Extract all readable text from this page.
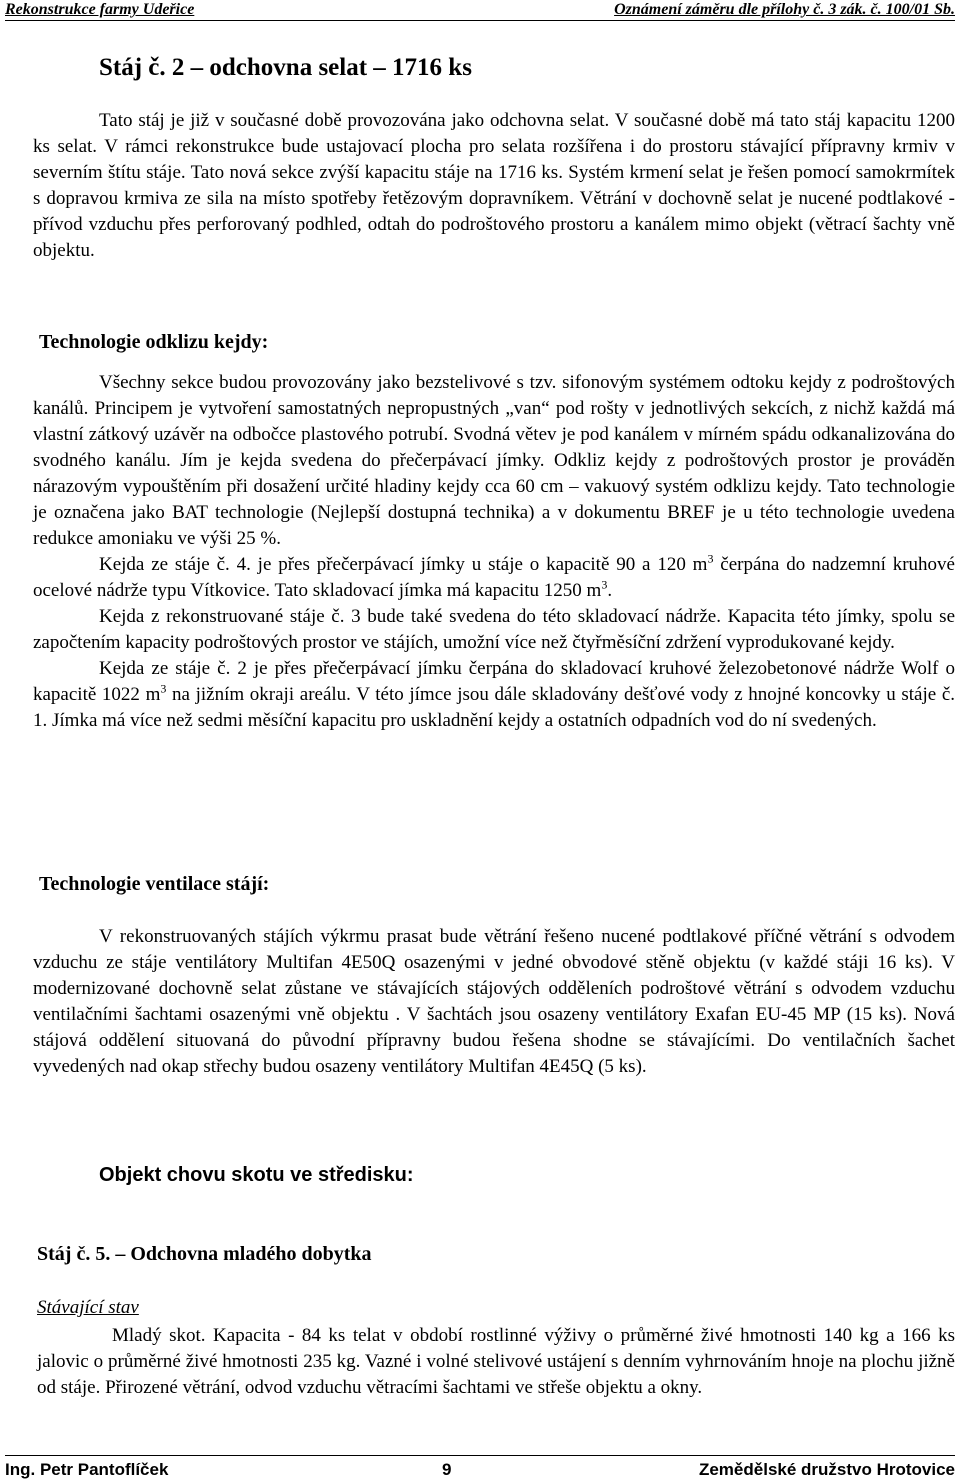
Rekonstrukce farmy Udeřice	Oznámení záměru dle přílohy č. 3 zák. č. 100/01 Sb.
Stáj č. 2 – odchovna selat – 1716 ks

Tato stáj je již v současné době provozována jako odchovna selat. V současné době má tato stáj kapacitu 1200 ks selat. V rámci rekonstrukce bude ustajovací plocha pro selata rozšířena i do prostoru stávající přípravny krmiv v severním štítu stáje. Tato nová sekce zvýší kapacitu stáje na 1716 ks. Systém krmení selat je řešen pomocí samokrmítek s dopravou krmiva ze sila na místo spotřeby řetězovým dopravníkem. Větrání v dochovně selat je nucené podtlakové - přívod vzduchu přes perforovaný podhled, odtah do podroštového prostoru a kanálem mimo objekt (větrací šachty vně objektu.

Technologie odklizu kejdy:

Všechny sekce budou provozovány jako bezstelivové s tzv. sifonovým systémem odtoku kejdy z podroštových kanálů. Principem je vytvoření samostatných nepropustných „van“ pod rošty v jednotlivých sekcích, z nichž každá má vlastní zátkový uzávěr na odbočce plastového potrubí. Svodná větev je pod kanálem v mírném spádu odkanalizována do svodného kanálu. Jím je kejda svedena do přečerpávací jímky. Odkliz kejdy z podroštových prostor je prováděn nárazovým vypouštěním při dosažení určité hladiny kejdy cca 60 cm – vakuový systém odklizu kejdy. Tato technologie je označena jako BAT technologie (Nejlepší dostupná technika) a v dokumentu BREF je u této technologie uvedena redukce amoniaku ve výši 25 %.

Kejda ze stáje č. 4. je přes přečerpávací jímky u stáje o kapacitě 90 a 120 $m^3$ čerpána do nadzemní kruhové ocelové nádrže typu Vítkovice. Tato skladovací jímka má kapacitu 1250 $m^3$.

Kejda z rekonstruované stáje č. 3 bude také svedena do této skladovací nádrže. Kapacita této jímky, spolu se započtením kapacity podroštových prostor ve stájích, umožní více než čtyřměsíční zdržení vyprodukované kejdy.

Kejda ze stáje č. 2 je přes přečerpávací jímku čerpána do skladovací kruhové železobetonové nádrže Wolf o kapacitě 1022 $m^3$ na jižním okraji areálu. V této jímce jsou dále skladovány dešťové vody z hnojné koncovky u stáje č. 1. Jímka má více než sedmi měsíční kapacitu pro uskladnění kejdy a ostatních odpadních vod do ní svedených.

Technologie ventilace stájí:

V rekonstruovaných stájích výkrmu prasat bude větrání řešeno nucené podtlakové příčné větrání s odvodem vzduchu ze stáje ventilátory Multifan 4E50Q osazenými v jedné obvodové stěně objektu (v každé stáji 16 ks). V modernizované dochovně selat zůstane ve stávajících stájových odděleních podroštové větrání s odvodem vzduchu ventilačními šachtami osazenými vně objektu . V šachtách jsou osazeny ventilátory Exafan EU-45 MP (15 ks). Nová stájová oddělení situovaná do původní přípravny budou řešena shodne se stávajícími. Do ventilačních šachet vyvedených nad okap střechy budou osazeny ventilátory Multifan 4E45Q (5 ks).

Objekt chovu skotu ve středisku:
Stáj č. 5. – Odchovna mladého dobytka
Stávající stav

Mladý skot. Kapacita - 84 ks telat v období rostlinné výživy o průměrné živé hmotnosti 140 kg a 166 ks jalovic o průměrné živé hmotnosti 235 kg. Vazné i volné stelivové ustájení s denním vyhrnováním hnoje na plochu jižně od stáje. Přirozené větrání, odvod vzduchu větracími šachtami ve střeše objektu a okny.

Ing. Petr Pantoflíček	9	Zemědělské družstvo Hrotovice
